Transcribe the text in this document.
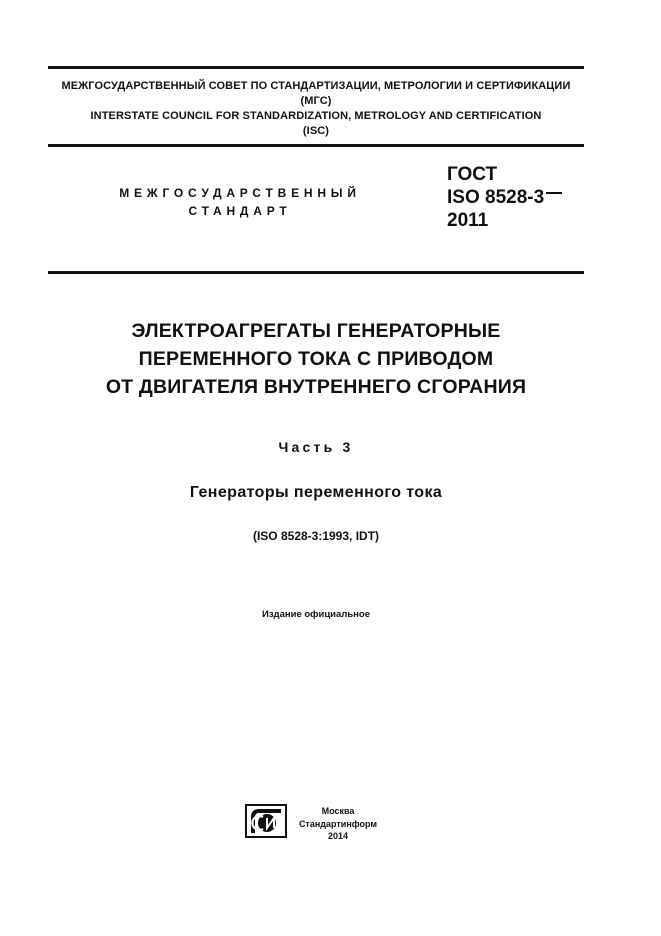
МЕЖГОСУДАРСТВЕННЫЙ СОВЕТ ПО СТАНДАРТИЗАЦИИ, МЕТРОЛОГИИ И СЕРТИФИКАЦИИ
(МГС)
INTERSTATE COUNCIL FOR STANDARDIZATION, METROLOGY AND CERTIFICATION
(ISC)
МЕЖГОСУДАРСТВЕННЫЙ
СТАНДАРТ
ГОСТ
ISO 8528-3
2011
ЭЛЕКТРОАГРЕГАТЫ ГЕНЕРАТОРНЫЕ
ПЕРЕМЕННОГО ТОКА С ПРИВОДОМ
ОТ ДВИГАТЕЛЯ ВНУТРЕННЕГО СГОРАНИЯ
Часть 3
Генераторы переменного тока
(ISO 8528-3:1993, IDT)
Издание официальное
Москва
Стандартинформ
2014
